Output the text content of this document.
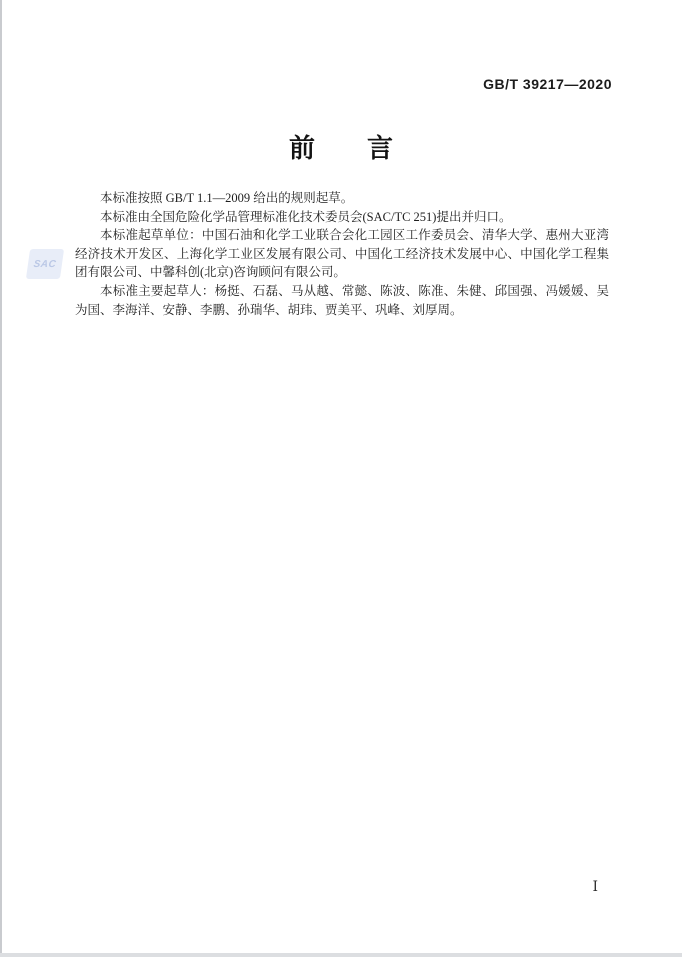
GB/T 39217—2020
前　　言
SAC

本标准按照 GB/T 1.1—2009 给出的规则起草。

本标准由全国危险化学品管理标准化技术委员会(SAC/TC 251)提出并归口。

本标准起草单位：中国石油和化学工业联合会化工园区工作委员会、清华大学、惠州大亚湾经济技术开发区、上海化学工业区发展有限公司、中国化工经济技术发展中心、中国化学工程集团有限公司、中馨科创(北京)咨询顾问有限公司。

本标准主要起草人：杨挺、石磊、马从越、常懿、陈波、陈准、朱健、邱国强、冯媛媛、吴为国、李海洋、安静、李鹏、孙瑞华、胡玮、贾美平、巩峰、刘厚周。

Ⅰ
